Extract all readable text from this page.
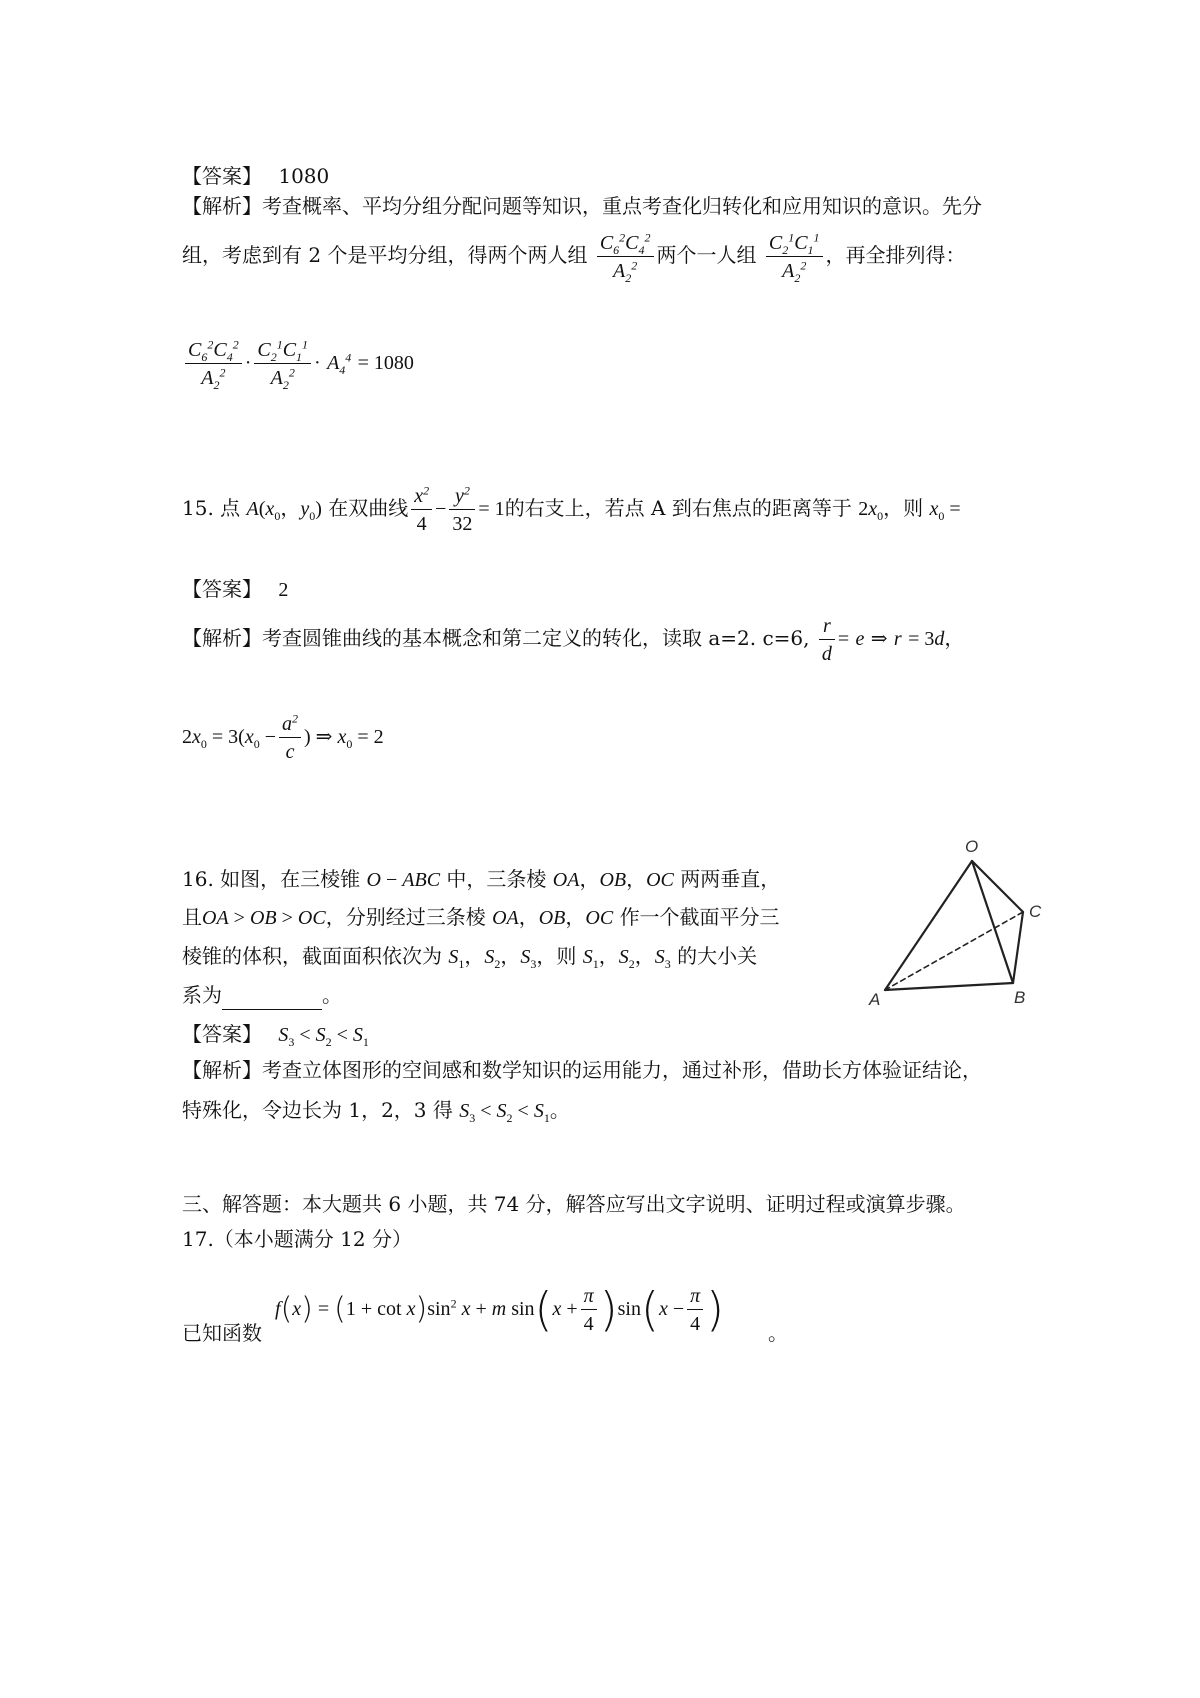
【答案】 1080
【解析】考查概率、平均分组分配问题等知识，重点考查化归转化和应用知识的意识。先分
组，考虑到有 2 个是平均分组，得两个两人组 $\frac{C_6^2C_4^2}{A_2^2}$ 两个一人组 $\frac{C_2^1C_1^1}{A_2^2}$ ，再全排列得：
$\frac{C_6^2C_4^2}{A_2^2} \cdot \frac{C_2^1C_1^1}{A_2^2} \cdot A_4^4 = 1080$
15. 点 $A(x_0$，$y_0$) 在双曲线 $\frac{x^2}{4} - \frac{y^2}{32} = 1$的右支上，若点 A 到右焦点的距离等于 $2x_0$，则 $x_0$ =
【答案】 2
【解析】考查圆锥曲线的基本概念和第二定义的转化，读取 a=2. c=6, $\frac{r}{d} = e$ ⇒ r = 3d，
$2x_0 = 3(x_0 - \frac{a^2}{c}$ ) ⇒ $x_0 = 2$
16. 如图，在三棱锥 O − ABC 中，三条棱 OA，OB，OC 两两垂直，
且OA > OB > OC，分别经过三条棱 OA，OB，OC 作一个截面平分三
棱锥的体积，截面面积依次为 $S_1$，$S_2$，$S_3$，则 $S_1$，$S_2$，$S_3$ 的大小关
系为	。
【答案】 $S_3 < S_2 < S_1$
【解析】考查立体图形的空间感和数学知识的运用能力，通过补形，借助长方体验证结论，
特殊化，令边长为 1，2，3 得 $S_3 < S_2 < S_1$。
O
C
B
A
三、解答题：本大题共 6 小题，共 74 分，解答应写出文字说明、证明过程或演算步骤。
17.（本小题满分 12 分）
$f(x) = (1 + \cot x)\sin^2$ x + m $\sin(x + \frac{\pi}{4} )\sin(x - \frac{\pi}{4}$ )
已知函数	。
